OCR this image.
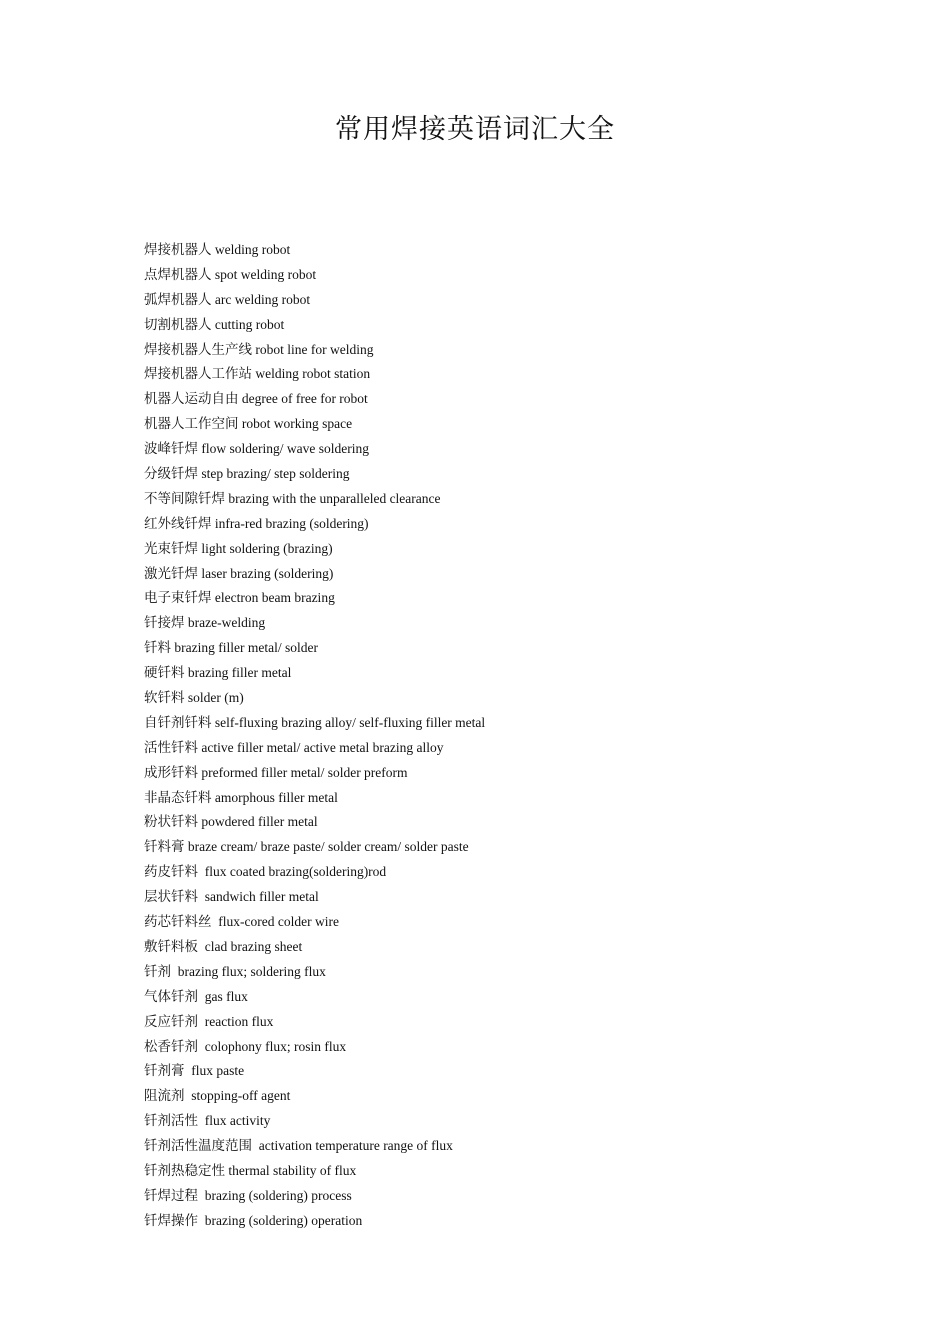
常用焊接英语词汇大全
焊接机器人 welding robot
点焊机器人 spot welding robot
弧焊机器人 arc welding robot
切割机器人 cutting robot
焊接机器人生产线 robot line for welding
焊接机器人工作站 welding robot station
机器人运动自由 degree of free for robot
机器人工作空间 robot working space
波峰钎焊 flow soldering/ wave soldering
分级钎焊 step brazing/ step soldering
不等间隙钎焊 brazing with the unparalleled clearance
红外线钎焊 infra-red brazing (soldering)
光束钎焊 light soldering (brazing)
激光钎焊 laser brazing (soldering)
电子束钎焊 electron beam brazing
钎接焊 braze-welding
钎料 brazing filler metal/ solder
硬钎料 brazing filler metal
软钎料 solder (m)
自钎剂钎料 self-fluxing brazing alloy/ self-fluxing filler metal
活性钎料 active filler metal/ active metal brazing alloy
成形钎料 preformed filler metal/ solder preform
非晶态钎料 amorphous filler metal
粉状钎料 powdered filler metal
钎料膏 braze cream/ braze paste/ solder cream/ solder paste
药皮钎料  flux coated brazing(soldering)rod
层状钎料  sandwich filler metal
药芯钎料丝  flux-cored colder wire
敷钎料板  clad brazing sheet
钎剂  brazing flux; soldering flux
气体钎剂  gas flux
反应钎剂  reaction flux
松香钎剂  colophony flux; rosin flux
钎剂膏  flux paste
阻流剂  stopping-off agent
钎剂活性  flux activity
钎剂活性温度范围  activation temperature range of flux
钎剂热稳定性 thermal stability of flux
钎焊过程  brazing (soldering) process
钎焊操作  brazing (soldering) operation
